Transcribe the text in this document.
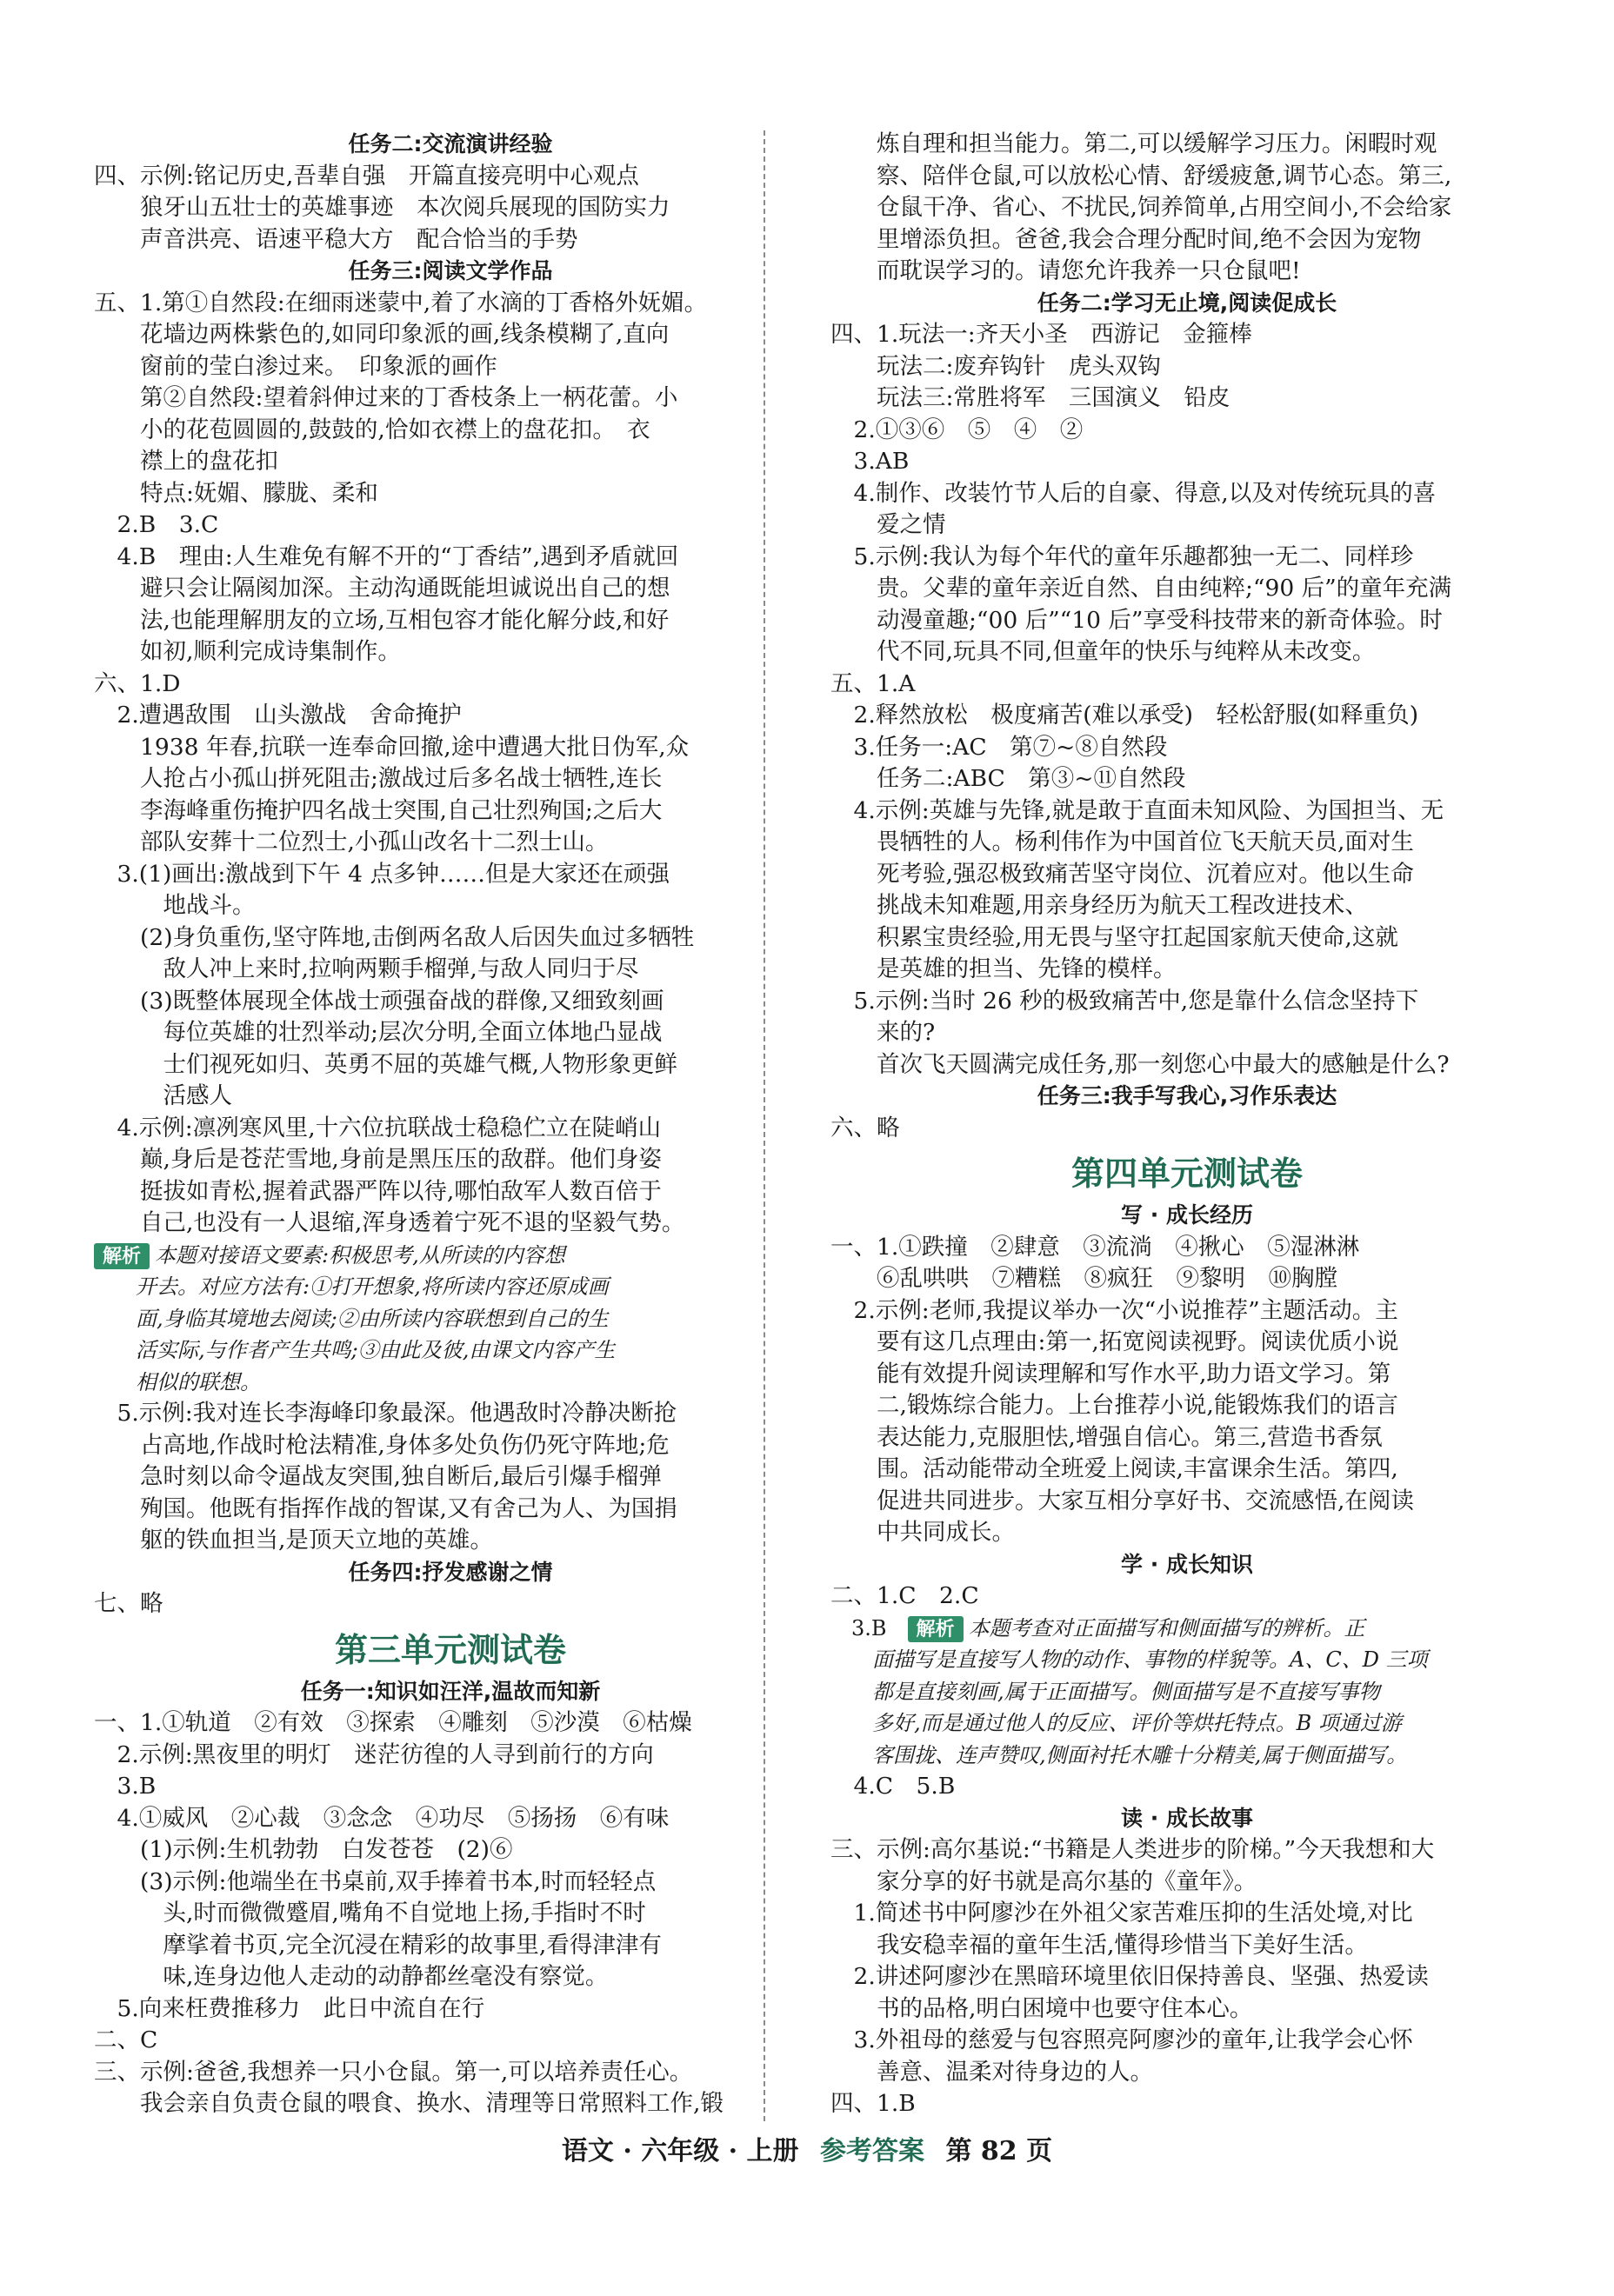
任务二:交流演讲经验
四、示例:铭记历史,吾辈自强　开篇直接亮明中心观点
　　狼牙山五壮士的英雄事迹　本次阅兵展现的国防实力
　　声音洪亮、语速平稳大方　配合恰当的手势
任务三:阅读文学作品
五、1.第①自然段:在细雨迷蒙中,着了水滴的丁香格外妩媚。
　　花墙边两株紫色的,如同印象派的画,线条模糊了,直向
　　窗前的莹白渗过来。　印象派的画作
　　第②自然段:望着斜伸过来的丁香枝条上一柄花蕾。小
　　小的花苞圆圆的,鼓鼓的,恰如衣襟上的盘花扣。　衣
　　襟上的盘花扣
　　特点:妩媚、朦胧、柔和
　2.B　3.C
　4.B　理由:人生难免有解不开的“丁香结”,遇到矛盾就回
　　避只会让隔阂加深。主动沟通既能坦诚说出自己的想
　　法,也能理解朋友的立场,互相包容才能化解分歧,和好
　　如初,顺利完成诗集制作。
六、1.D
　2.遭遇敌围　山头激战　舍命掩护
　　1938 年春,抗联一连奉命回撤,途中遭遇大批日伪军,众
　　人抢占小孤山拼死阻击;激战过后多名战士牺牲,连长
　　李海峰重伤掩护四名战士突围,自己壮烈殉国;之后大
　　部队安葬十二位烈士,小孤山改名十二烈士山。
　3.(1)画出:激战到下午 4 点多钟……但是大家还在顽强
　　　地战斗。
　　(2)身负重伤,坚守阵地,击倒两名敌人后因失血过多牺牲
　　　敌人冲上来时,拉响两颗手榴弹,与敌人同归于尽
　　(3)既整体展现全体战士顽强奋战的群像,又细致刻画
　　　每位英雄的壮烈举动;层次分明,全面立体地凸显战
　　　士们视死如归、英勇不屈的英雄气概,人物形象更鲜
　　　活感人
　4.示例:凛冽寒风里,十六位抗联战士稳稳伫立在陡峭山
　　巅,身后是苍茫雪地,身前是黑压压的敌群。他们身姿
　　挺拔如青松,握着武器严阵以待,哪怕敌军人数百倍于
　　自己,也没有一人退缩,浑身透着宁死不退的坚毅气势。
解析 本题对接语文要素:积极思考,从所读的内容想
　　开去。对应方法有:①打开想象,将所读内容还原成画
　　面,身临其境地去阅读;②由所读内容联想到自己的生
　　活实际,与作者产生共鸣;③由此及彼,由课文内容产生
　　相似的联想。
　5.示例:我对连长李海峰印象最深。他遇敌时冷静决断抢
　　占高地,作战时枪法精准,身体多处负伤仍死守阵地;危
　　急时刻以命令逼战友突围,独自断后,最后引爆手榴弹
　　殉国。他既有指挥作战的智谋,又有舍己为人、为国捐
　　躯的铁血担当,是顶天立地的英雄。
任务四:抒发感谢之情
七、略
第三单元测试卷
任务一:知识如汪洋,温故而知新
一、1.①轨道　②有效　③探索　④雕刻　⑤沙漠　⑥枯燥
　2.示例:黑夜里的明灯　迷茫彷徨的人寻到前行的方向
　3.B
　4.①威风　②心裁　③念念　④功尽　⑤扬扬　⑥有味
　　(1)示例:生机勃勃　白发苍苍　(2)⑥
　　(3)示例:他端坐在书桌前,双手捧着书本,时而轻轻点
　　　头,时而微微蹙眉,嘴角不自觉地上扬,手指时不时
　　　摩挲着书页,完全沉浸在精彩的故事里,看得津津有
　　　味,连身边他人走动的动静都丝毫没有察觉。
　5.向来枉费推移力　此日中流自在行
二、C
三、示例:爸爸,我想养一只小仓鼠。第一,可以培养责任心。
　　我会亲自负责仓鼠的喂食、换水、清理等日常照料工作,锻
　　炼自理和担当能力。第二,可以缓解学习压力。闲暇时观
　　察、陪伴仓鼠,可以放松心情、舒缓疲惫,调节心态。第三,
　　仓鼠干净、省心、不扰民,饲养简单,占用空间小,不会给家
　　里增添负担。爸爸,我会合理分配时间,绝不会因为宠物
　　而耽误学习的。请您允许我养一只仓鼠吧!
任务二:学习无止境,阅读促成长
四、1.玩法一:齐天小圣　西游记　金箍棒
　　玩法二:废弃钩针　虎头双钩
　　玩法三:常胜将军　三国演义　铅皮
　2.①③⑥　⑤　④　②
　3.AB
　4.制作、改装竹节人后的自豪、得意,以及对传统玩具的喜
　　爱之情
　5.示例:我认为每个年代的童年乐趣都独一无二、同样珍
　　贵。父辈的童年亲近自然、自由纯粹;“90 后”的童年充满
　　动漫童趣;“00 后”“10 后”享受科技带来的新奇体验。时
　　代不同,玩具不同,但童年的快乐与纯粹从未改变。
五、1.A
　2.释然放松　极度痛苦(难以承受)　轻松舒服(如释重负)
　3.任务一:AC　第⑦~⑧自然段
　　任务二:ABC　第③~⑪自然段
　4.示例:英雄与先锋,就是敢于直面未知风险、为国担当、无
　　畏牺牲的人。杨利伟作为中国首位飞天航天员,面对生
　　死考验,强忍极致痛苦坚守岗位、沉着应对。他以生命
　　挑战未知难题,用亲身经历为航天工程改进技术、
　　积累宝贵经验,用无畏与坚守扛起国家航天使命,这就
　　是英雄的担当、先锋的模样。
　5.示例:当时 26 秒的极致痛苦中,您是靠什么信念坚持下
　　来的?
　　首次飞天圆满完成任务,那一刻您心中最大的感触是什么?
任务三:我手写我心,习作乐表达
六、略
第四单元测试卷
写 · 成长经历
一、1.①跌撞　②肆意　③流淌　④揪心　⑤湿淋淋
　　⑥乱哄哄　⑦糟糕　⑧疯狂　⑨黎明　⑩胸膛
　2.示例:老师,我提议举办一次“小说推荐”主题活动。主
　　要有这几点理由:第一,拓宽阅读视野。阅读优质小说
　　能有效提升阅读理解和写作水平,助力语文学习。第
　　二,锻炼综合能力。上台推荐小说,能锻炼我们的语言
　　表达能力,克服胆怯,增强自信心。第三,营造书香氛
　　围。活动能带动全班爱上阅读,丰富课余生活。第四,
　　促进共同进步。大家互相分享好书、交流感悟,在阅读
　　中共同成长。
学 · 成长知识
二、1.C　2.C
　3.B　解析 本题考查对正面描写和侧面描写的辨析。正
　　面描写是直接写人物的动作、事物的样貌等。A、C、D 三项
　　都是直接刻画,属于正面描写。侧面描写是不直接写事物
　　多好,而是通过他人的反应、评价等烘托特点。B 项通过游
　　客围拢、连声赞叹,侧面衬托木雕十分精美,属于侧面描写。
　4.C　5.B
读 · 成长故事
三、示例:高尔基说:“书籍是人类进步的阶梯。”今天我想和大
　　家分享的好书就是高尔基的《童年》。
　1.简述书中阿廖沙在外祖父家苦难压抑的生活处境,对比
　　我安稳幸福的童年生活,懂得珍惜当下美好生活。
　2.讲述阿廖沙在黑暗环境里依旧保持善良、坚强、热爱读
　　书的品格,明白困境中也要守住本心。
　3.外祖母的慈爱与包容照亮阿廖沙的童年,让我学会心怀
　　善意、温柔对待身边的人。
四、1.B
语文 · 六年级 · 上册 参考答案 第 82 页
